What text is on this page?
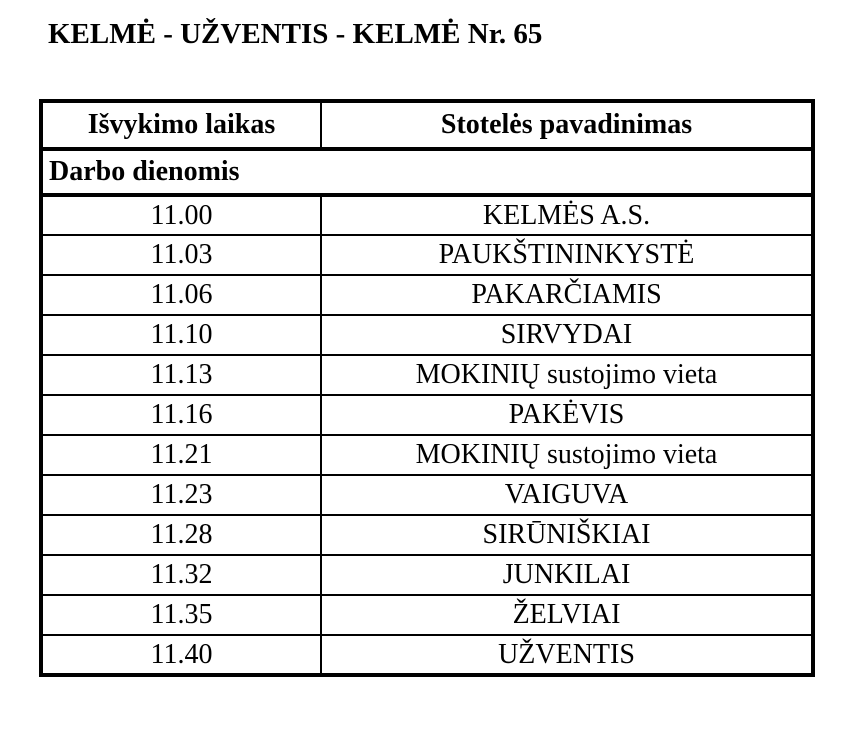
KELMĖ - UŽVENTIS - KELMĖ Nr. 65
Išvykimo laikas	Stotelės pavadinimas
Darbo dienomis	
11.00	KELMĖS A.S.
11.03	PAUKŠTININKYSTĖ
11.06	PAKARČIAMIS
11.10	SIRVYDAI
11.13	MOKINIŲ sustojimo vieta
11.16	PAKĖVIS
11.21	MOKINIŲ sustojimo vieta
11.23	VAIGUVA
11.28	SIRŪNIŠKIAI
11.32	JUNKILAI
11.35	ŽELVIAI
11.40	UŽVENTIS
